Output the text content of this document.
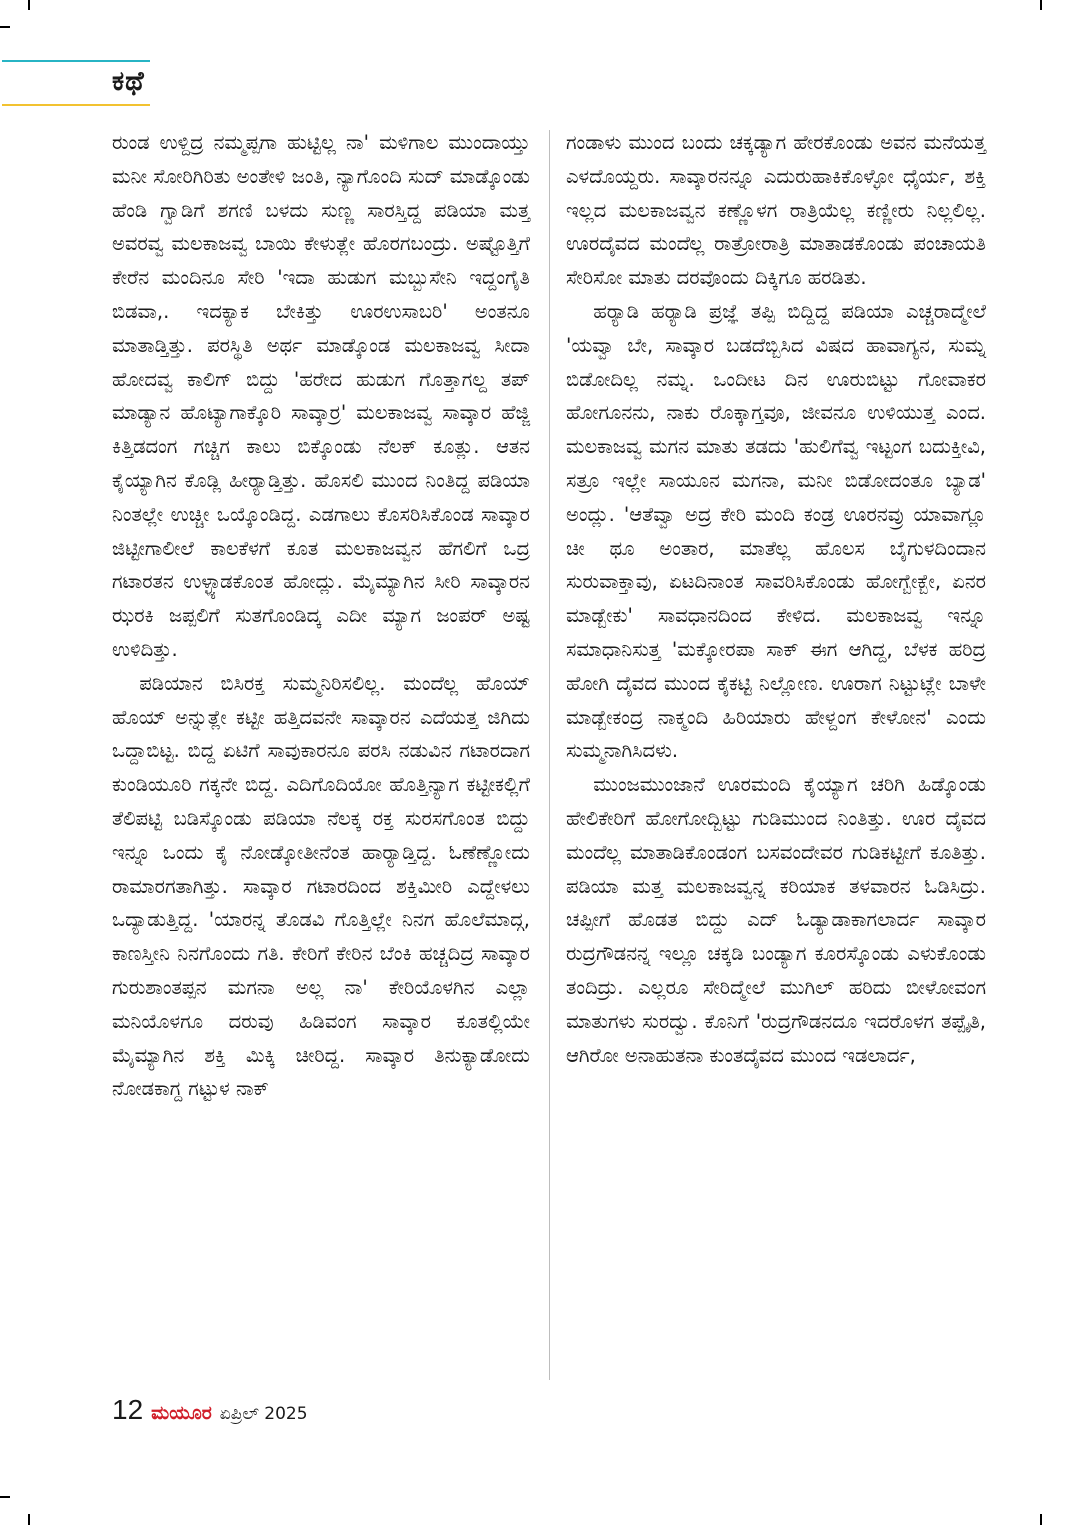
ಕಥೆ

ರುಂಡ ಉಳ್ದಿದ್ರ ನಮ್ಮಪ್ಪಗಾ ಹುಟ್ಟಿಲ್ಲ ನಾ' ಮಳಿಗಾಲ ಮುಂದಾಯ್ತು ಮನೀ ಸೋರಿಗಿರಿತು ಅಂತೇಳಿ ಜಂತಿ, ನ್ಯಾಗೊಂದಿ ಸುದ್ ಮಾಡ್ಕೊಂಡು ಹೆಂಡಿ ಗ್ವಾಡಿಗೆ ಶಗಣಿ ಬಳದು ಸುಣ್ಣ ಸಾರಸ್ತಿದ್ದ ಪಡಿಯಾ ಮತ್ತ ಅವರವ್ವ ಮಲಕಾಜವ್ವ ಬಾಯಿ ಕೇಳುತ್ಲೇ ಹೊರಗಬಂದ್ರು. ಅಷ್ಟೊತ್ತಿಗೆ ಕೇರೆನ ಮಂದಿನೂ ಸೇರಿ 'ಇದಾ ಹುಡುಗ ಮಬ್ಬುಸೇನಿ ಇದ್ದಂಗೈತಿ ಬಿಡವಾ,. ಇದಕ್ಯಾಕ ಬೇಕಿತ್ತು ಊರಉಸಾಬರಿ' ಅಂತನೂ ಮಾತಾಡ್ತಿತ್ತು. ಪರಸ್ಥಿತಿ ಅರ್ಥ ಮಾಡ್ಕೊಂಡ ಮಲಕಾಜವ್ವ ಸೀದಾ ಹೋದವ್ವ ಕಾಲಿಗ್ ಬಿದ್ದು 'ಹರೇದ ಹುಡುಗ ಗೊತ್ತಾಗಲ್ದ ತಪ್ ಮಾಡ್ಯಾನ ಹೊಟ್ಯಾಗಾಕ್ಕೊರಿ ಸಾವ್ಕಾರ್ರ' ಮಲಕಾಜವ್ವ ಸಾವ್ಕಾರ ಹೆಜ್ಜಿ ಕಿತ್ತಿಡದಂಗ ಗಚ್ಚಿಗ ಕಾಲು ಬಿಕ್ಕೊಂಡು ನೆಲಕ್ ಕೂತ್ಲು. ಆತನ ಕೈಯ್ಯಾಗಿನ ಕೊಡ್ಲಿ ಹೀರ್‍ಯಾಡ್ತಿತ್ತು. ಹೊಸಲಿ ಮುಂದ ನಿಂತಿದ್ದ ಪಡಿಯಾ ನಿಂತಲ್ಲೇ ಉಚ್ಚೀ ಒಯ್ಕೊಂಡಿದ್ದ. ಎಡಗಾಲು ಕೊಸರಿಸಿಕೊಂಡ ಸಾವ್ಕಾರ ಜಿಟ್ಟೀಗಾಲೀಲೆ ಕಾಲಕೆಳಗೆ ಕೂತ ಮಲಕಾಜವ್ವನ ಹೆಗಲಿಗೆ ಒದ್ರ ಗಟಾರತನ ಉಳ್ಳ್ಯಾಡಕೊಂತ ಹೋದ್ಲು. ಮೈಮ್ಯಾಗಿನ ಸೀರಿ ಸಾವ್ಕಾರನ ಝರಕಿ ಜಪ್ಪಲಿಗೆ ಸುತಗೊಂಡಿದ್ಕ ಎದೀ ಮ್ಯಾಗ ಜಂಪರ್ ಅಷ್ಟ ಉಳಿದಿತ್ತು.

ಪಡಿಯಾನ ಬಿಸಿರಕ್ತ ಸುಮ್ಮನಿರಿಸಲಿಲ್ಲ. ಮಂದೆಲ್ಲ ಹೊಯ್ ಹೊಯ್ ಅನ್ನುತ್ಲೇ ಕಟ್ಟೀ ಹತ್ತಿದವನೇ ಸಾವ್ಕಾರನ ಎದೆಯತ್ತ ಜಿಗಿದು ಒದ್ದಾಬಿಟ್ಟ. ಬಿದ್ದ ಏಟಿಗೆ ಸಾವುಕಾರನೂ ಪರಸಿ ನಡುವಿನ ಗಟಾರದಾಗ ಕುಂಡಿಯೂರಿ ಗಕ್ಕನೇ ಬಿದ್ದ. ಎದಿಗೊದಿಯೋ ಹೊತ್ತಿನ್ಯಾಗ ಕಟ್ಟೀಕಲ್ಲಿಗೆ ತೆಲಿಪಟ್ಟಿ ಬಡಿಸ್ಕೊಂಡು ಪಡಿಯಾ ನೆಲಕ್ಕ ರಕ್ತ ಸುರಸಗೊಂತ ಬಿದ್ದು ಇನ್ನೂ ಒಂದು ಕೈ ನೋಡ್ಕೋತೀನೆಂತ ಹಾರ್‍ಯಾಡ್ತಿದ್ದ. ಓಣೆಣ್ಣೋದು ರಾಮಾರಗತಾಗಿತ್ತು. ಸಾವ್ಕಾರ ಗಟಾರದಿಂದ ಶಕ್ತಿಮೀರಿ ಎದ್ದೇಳಲು ಒದ್ಯಾಡುತ್ತಿದ್ದ. 'ಯಾರನ್ನ ತೊಡವಿ ಗೊತ್ತಿಲ್ಲೇ ನಿನಗ ಹೊಲೆಮಾದ್ಗ, ಕಾಣಸ್ತೀನಿ ನಿನಗೊಂದು ಗತಿ. ಕೇರಿಗೆ ಕೇರಿನ ಬೆಂಕಿ ಹಚ್ಚದಿದ್ರ ಸಾವ್ಕಾರ ಗುರುಶಾಂತಪ್ಪನ ಮಗನಾ ಅಲ್ಲ ನಾ' ಕೇರಿಯೊಳಗಿನ ಎಲ್ಲಾ ಮನಿಯೊಳಗೂ ದರುವು ಹಿಡಿವಂಗ ಸಾವ್ಕಾರ ಕೂತಲ್ಲಿಯೇ ಮೈಮ್ಯಾಗಿನ ಶಕ್ತಿ ಮಿಕ್ಕಿ ಚೀರಿದ್ದ. ಸಾವ್ಕಾರ ತಿನುಕ್ಯಾಡೋದು ನೋಡಕಾಗ್ದ ಗಟ್ಟುಳ ನಾಕ್

ಗಂಡಾಳು ಮುಂದ ಬಂದು ಚಕ್ಕಡ್ಯಾಗ ಹೇರಕೊಂಡು ಅವನ ಮನೆಯತ್ತ ಎಳದೊಯ್ದರು. ಸಾವ್ಕಾರನನ್ನೂ ಎದುರುಹಾಕಿಕೊಳ್ಳೋ ಧೈರ್ಯ, ಶಕ್ತಿ ಇಲ್ಲದ ಮಲಕಾಜವ್ವನ ಕಣ್ಣೊಳಗ ರಾತ್ರಿಯೆಲ್ಲ ಕಣ್ಣೀರು ನಿಲ್ಲಲಿಲ್ಲ. ಊರದೈವದ ಮಂದೆಲ್ಲ ರಾತ್ರೋರಾತ್ರಿ ಮಾತಾಡಕೊಂಡು ಪಂಚಾಯತಿ ಸೇರಿಸೋ ಮಾತು ದರವೊಂದು ದಿಕ್ಕಿಗೂ ಹರಡಿತು.

ಹರ್‍ಯಾಡಿ ಹರ್‍ಯಾಡಿ ಪ್ರಜ್ಞೆ ತಪ್ಪಿ ಬಿದ್ದಿದ್ದ ಪಡಿಯಾ ಎಚ್ಚರಾದ್ಮೇಲೆ 'ಯವ್ವಾ ಬೇ, ಸಾವ್ಕಾರ ಬಡದೆಬ್ಬಿಸಿದ ವಿಷದ ಹಾವಾಗ್ಯನ, ಸುಮ್ನ ಬಿಡೋದಿಲ್ಲ ನಮ್ನ. ಒಂದೀಟ ದಿನ ಊರುಬಿಟ್ಟು ಗೋವಾಕರ ಹೋಗೂನನು, ನಾಕು ರೊಕ್ಕಾಗ್ತವೂ, ಜೀವನೂ ಉಳಿಯುತ್ತ ಎಂದ. ಮಲಕಾಜವ್ವ ಮಗನ ಮಾತು ತಡದು 'ಹುಲಿಗೆವ್ವ ಇಟ್ಟಂಗ ಬದುಕ್ತೀವಿ, ಸತ್ರೂ ಇಲ್ಲೇ ಸಾಯೂನ ಮಗನಾ, ಮನೀ ಬಿಡೋದಂತೂ ಬ್ಯಾಡ' ಅಂದ್ಲು. 'ಆತೆವ್ವಾ ಅದ್ರ ಕೇರಿ ಮಂದಿ ಕಂಡ್ರ ಊರನವ್ರು ಯಾವಾಗ್ಲೂ ಚೀ ಥೂ ಅಂತಾರ, ಮಾತೆಲ್ಲ ಹೊಲಸ ಬೈಗುಳದಿಂದಾನ ಸುರುವಾಕ್ತಾವು, ಏಟದಿನಾಂತ ಸಾವರಿಸಿಕೊಂಡು ಹೋಗ್ಬೇಕ್ಬೇ, ಏನರ ಮಾಡ್ಬೇಕು' ಸಾವಧಾನದಿಂದ ಕೇಳಿದ. ಮಲಕಾಜವ್ವ ಇನ್ನೂ ಸಮಾಧಾನಿಸುತ್ತ 'ಮಕ್ಕೋರಪಾ ಸಾಕ್ ಈಗ ಆಗಿದ್ದ, ಬೆಳಕ ಹರಿದ್ರ ಹೋಗಿ ದೈವದ ಮುಂದ ಕೈಕಟ್ಟಿ ನಿಲ್ಲೋಣ. ಊರಾಗ ನಿಟ್ಟುಟ್ಲೇ ಬಾಳೇ ಮಾಡ್ಬೇಕಂದ್ರ ನಾಕ್ಮಂದಿ ಹಿರಿಯಾರು ಹೇಳ್ದಂಗ ಕೇಳೋನ' ಎಂದು ಸುಮ್ಮನಾಗಿಸಿದಳು.

ಮುಂಜಮುಂಜಾನೆ ಊರಮಂದಿ ಕೈಯ್ಯಾಗ ಚರಿಗಿ ಹಿಡ್ಕೊಂಡು ಹೇಲಿಕೇರಿಗೆ ಹೋಗೋದ್ಬಿಟ್ಟು ಗುಡಿಮುಂದ ನಿಂತಿತ್ತು. ಊರ ದೈವದ ಮಂದೆಲ್ಲ ಮಾತಾಡಿಕೊಂಡಂಗ ಬಸವಂದೇವರ ಗುಡಿಕಟ್ಟೀಗೆ ಕೂತಿತ್ತು. ಪಡಿಯಾ ಮತ್ತ ಮಲಕಾಜವ್ವನ್ನ ಕರಿಯಾಕ ತಳವಾರನ ಓಡಿಸಿದ್ರು. ಚಪ್ಪೀಗೆ ಹೊಡತ ಬಿದ್ದು ಎದ್ ಓಡ್ಯಾಡಾಕಾಗಲಾರ್ದ ಸಾವ್ಕಾರ ರುದ್ರಗೌಡನನ್ನ ಇಲ್ಲೂ ಚಕ್ಕಡಿ ಬಂಡ್ಯಾಗ ಕೂರಸ್ಕೊಂಡು ಎಳುಕೊಂಡು ತಂದಿದ್ರು. ಎಲ್ಲರೂ ಸೇರಿದ್ಮೇಲೆ ಮುಗಿಲ್ ಹರಿದು ಬೀಳೋವಂಗ ಮಾತುಗಳು ಸುರದ್ವು. ಕೊನಿಗೆ 'ರುದ್ರಗೌಡನದೂ ಇದರೊಳಗ ತಪ್ಪೈತಿ, ಆಗಿರೋ ಅನಾಹುತನಾ ಕುಂತದೈವದ ಮುಂದ ಇಡಲಾರ್ದ,

12 ಮಯೂರ ಏಪ್ರಿಲ್ 2025
